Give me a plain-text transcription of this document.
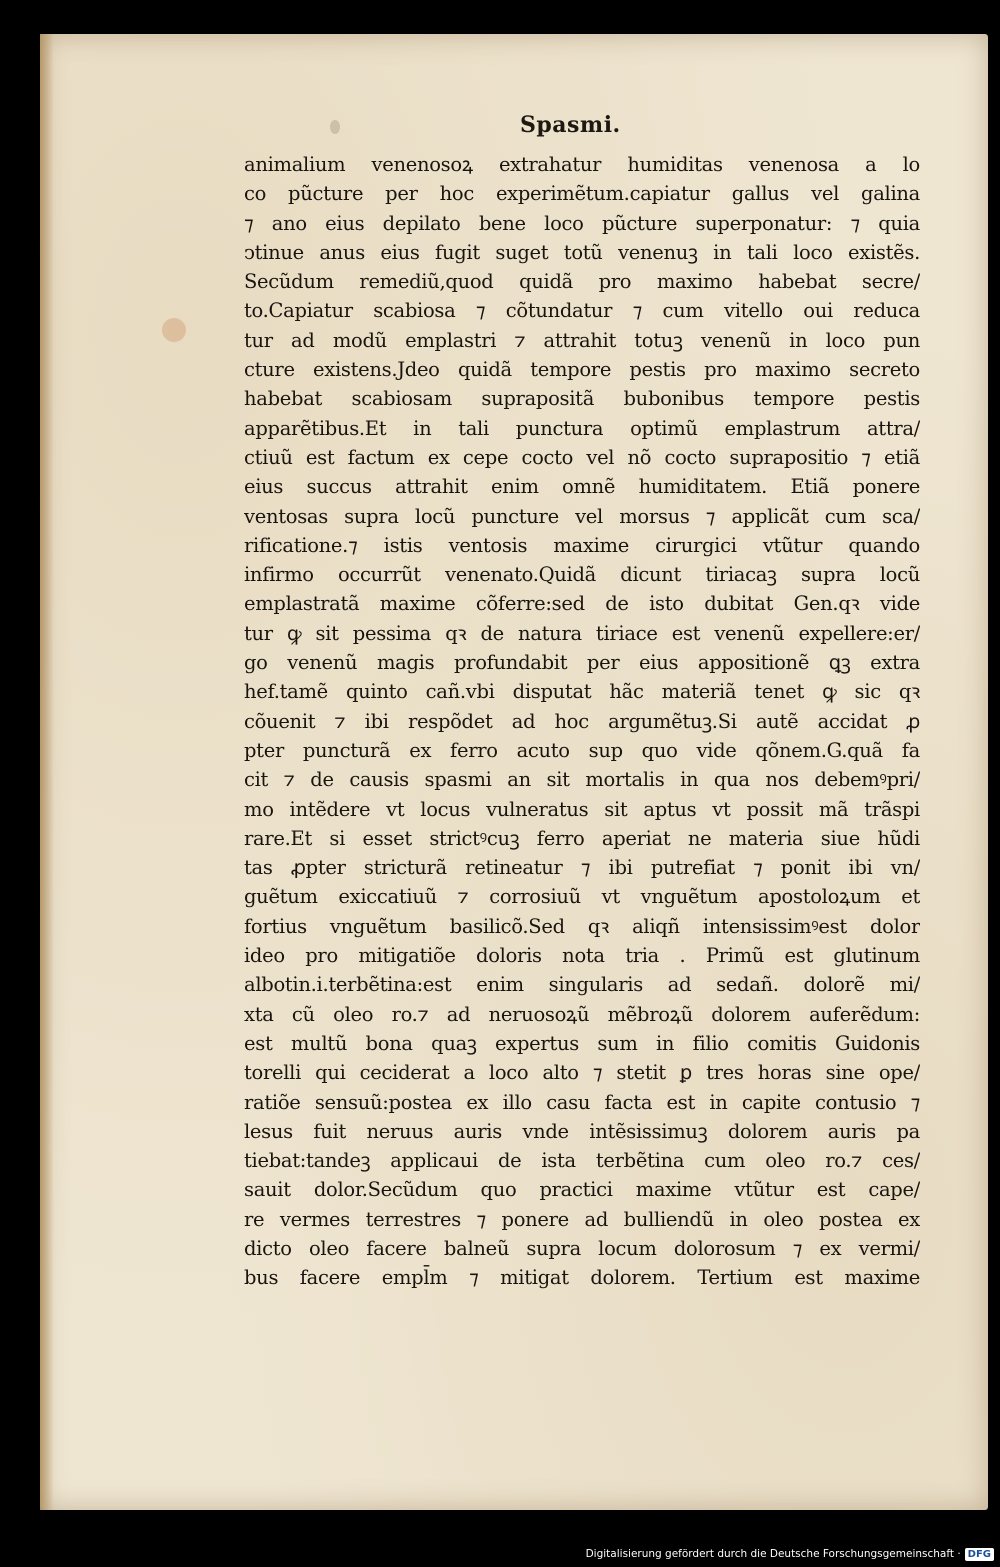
Spasmi.
animalium venenosoꝝ extrahatur humiditas venenosa a lo
co pũcture per hoc experimẽtum.capiatur gallus vel galina
⁊ ano eius depilato bene loco pũcture superponatur: ⁊ quia
ↄtinue anus eius fugit suget totũ venenuꝫ in tali loco existẽs.
Secũdum remediũ,quod quidã pro maximo habebat secre/
to.Capiatur scabiosa ⁊ cõtundatur ⁊ cum vitello oui reduca
tur ad modũ emplastri ⁊ attrahit totuꝫ venenũ in loco pun
cture existens.Jdeo quidã tempore pestis pro maximo secreto
habebat scabiosam suprapositã bubonibus tempore pestis
apparẽtibus.Et in tali punctura optimũ emplastrum attra/
ctiuũ est factum ex cepe cocto vel nõ cocto suprapositio ⁊ etiã
eius succus attrahit enim omnẽ humiditatem. Etiã ponere
ventosas supra locũ puncture vel morsus ⁊ applicãt cum sca/
rificatione.⁊ istis ventosis maxime cirurgici vtũtur quando
infirmo occurrũt venenato.Quidã dicunt tiriacaꝫ supra locũ
emplastratã maxime cõferre:sed de isto dubitat Gen.qꝛ vide
tur ꝙ sit pessima qꝛ de natura tiriace est venenũ expellere:er/
go venenũ magis profundabit per eius appositionẽ ꝗꝫ extra
hef.tamẽ quinto cañ.vbi disputat hãc materiã tenet ꝙ sic qꝛ
cõuenit ⁊ ibi respõdet ad hoc argumẽtuꝫ.Si autẽ accidat ꝓ
pter puncturã ex ferro acuto sup quo vide qõnem.G.quã fa
cit ⁊ de causis spasmi an sit mortalis in qua nos debemꝰpri/
mo intẽdere vt locus vulneratus sit aptus vt possit mã trãspi
rare.Et si esset strictꝰcuꝫ ferro aperiat ne materia siue hũdi
tas ꝓpter stricturã retineatur ⁊ ibi putrefiat ⁊ ponit ibi vn/
guẽtum exiccatiuũ ⁊ corrosiuũ vt vnguẽtum apostoloꝝum et
fortius vnguẽtum basilicõ.Sed qꝛ aliqñ intensissimꝰest dolor
ideo pro mitigatiõe doloris nota tria . Primũ est glutinum
albotin.i.terbẽtina:est enim singularis ad sedañ. dolorẽ mi/
xta cũ oleo ro.⁊ ad neruosoꝝũ mẽbroꝝũ dolorem auferẽdum:
est multũ bona quaꝫ expertus sum in filio comitis Guidonis
torelli qui ceciderat a loco alto ⁊ stetit ꝑ tres horas sine ope/
ratiõe sensuũ:postea ex illo casu facta est in capite contusio ⁊
lesus fuit neruus auris vnde intẽsissimuꝫ dolorem auris pa
tiebat:tandeꝫ applicaui de ista terbẽtina cum oleo ro.⁊ ces/
sauit dolor.Secũdum quo practici maxime vtũtur est cape/
re vermes terrestres ⁊ ponere ad bulliendũ in oleo postea ex
dicto oleo facere balneũ supra locum dolorosum ⁊ ex vermi/
bus facere empl̄m ⁊ mitigat dolorem. Tertium est maxime
Digitalisierung gefördert durch die Deutsche Forschungsgemeinschaft · DFG
